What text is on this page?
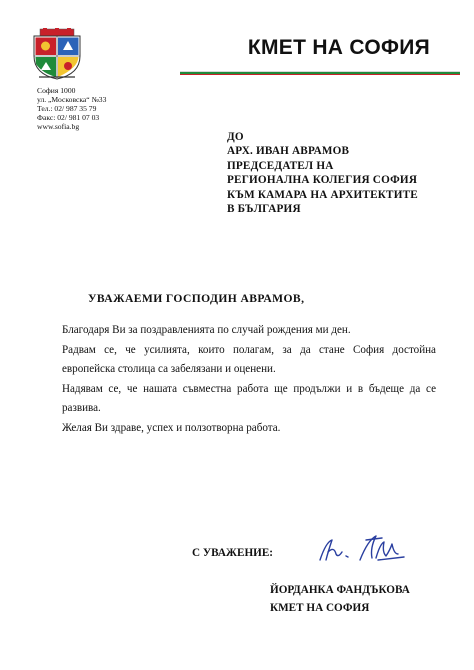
КМЕТ НА СОФИЯ
София 1000
ул. „Московска“ №33
Тел.: 02/ 987 35 79
Факс: 02/ 981 07 03
www.sofia.bg
ДО
АРХ. ИВАН АВРАМОВ
ПРЕДСЕДАТЕЛ НА
РЕГИОНАЛНА КОЛЕГИЯ СОФИЯ
КЪМ КАМАРА НА АРХИТЕКТИТЕ
В БЪЛГАРИЯ
УВАЖАЕМИ ГОСПОДИН АВРАМОВ,

Благодаря Ви за поздравленията по случай рождения ми ден.

Радвам се, че усилията, които полагам, за да стане София достойна европейска столица са забелязани и оценени.

Надявам се, че нашата съвместна работа ще продължи и в бъдеще да се развива.

Желая Ви здраве, успех и ползотворна работа.

С УВАЖЕНИЕ:
ЙОРДАНКА ФАНДЪКОВА
КМЕТ НА СОФИЯ
